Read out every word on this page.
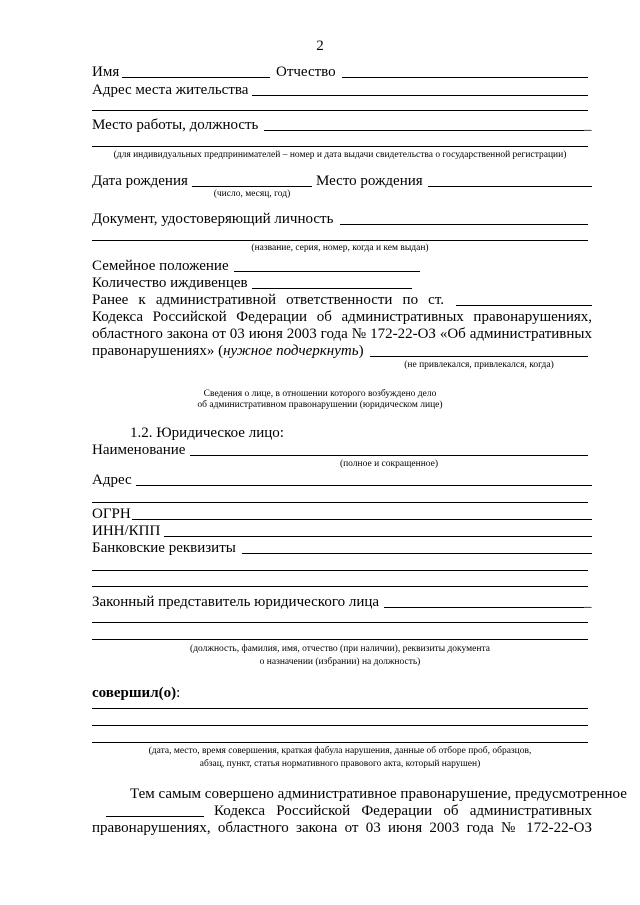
2
Имя	Отчество
Адрес места жительства
Место работы, должность	_
(для индивидуальных предпринимателей – номер и дата выдачи свидетельства о государственной регистрации)
Дата рождения	Место рождения
(число, месяц, год)
Документ, удостоверяющий личность
(название, серия, номер, когда и кем выдан)
Семейное положение
Количество иждивенцев
Ранее к административной ответственности по ст.
Кодекса Российской Федерации об административных правонарушениях,
областного закона от 03 июня 2003 года № 172-22-ОЗ «Об административных
правонарушениях» (нужное подчеркнуть)
(не привлекался, привлекался, когда)
Сведения о лице, в отношении которого возбуждено дело
об административном правонарушении (юридическом лице)
1.2. Юридическое лицо:
Наименование
(полное и сокращенное)
Адрес
ОГРН
ИНН/КПП
Банковские реквизиты
Законный представитель юридического лица	_
(должность, фамилия, имя, отчество (при наличии), реквизиты документа
о назначении (избрании) на должность)
совершил(о):
(дата, место, время совершения, краткая фабула нарушения, данные об отборе проб, образцов,
абзац, пункт, статья нормативного правового акта, который нарушен)
Тем самым совершено административное правонарушение, предусмотренное
Кодекса Российской Федерации об административных
правонарушениях, областного закона от 03 июня 2003 года № 172-22-ОЗ
